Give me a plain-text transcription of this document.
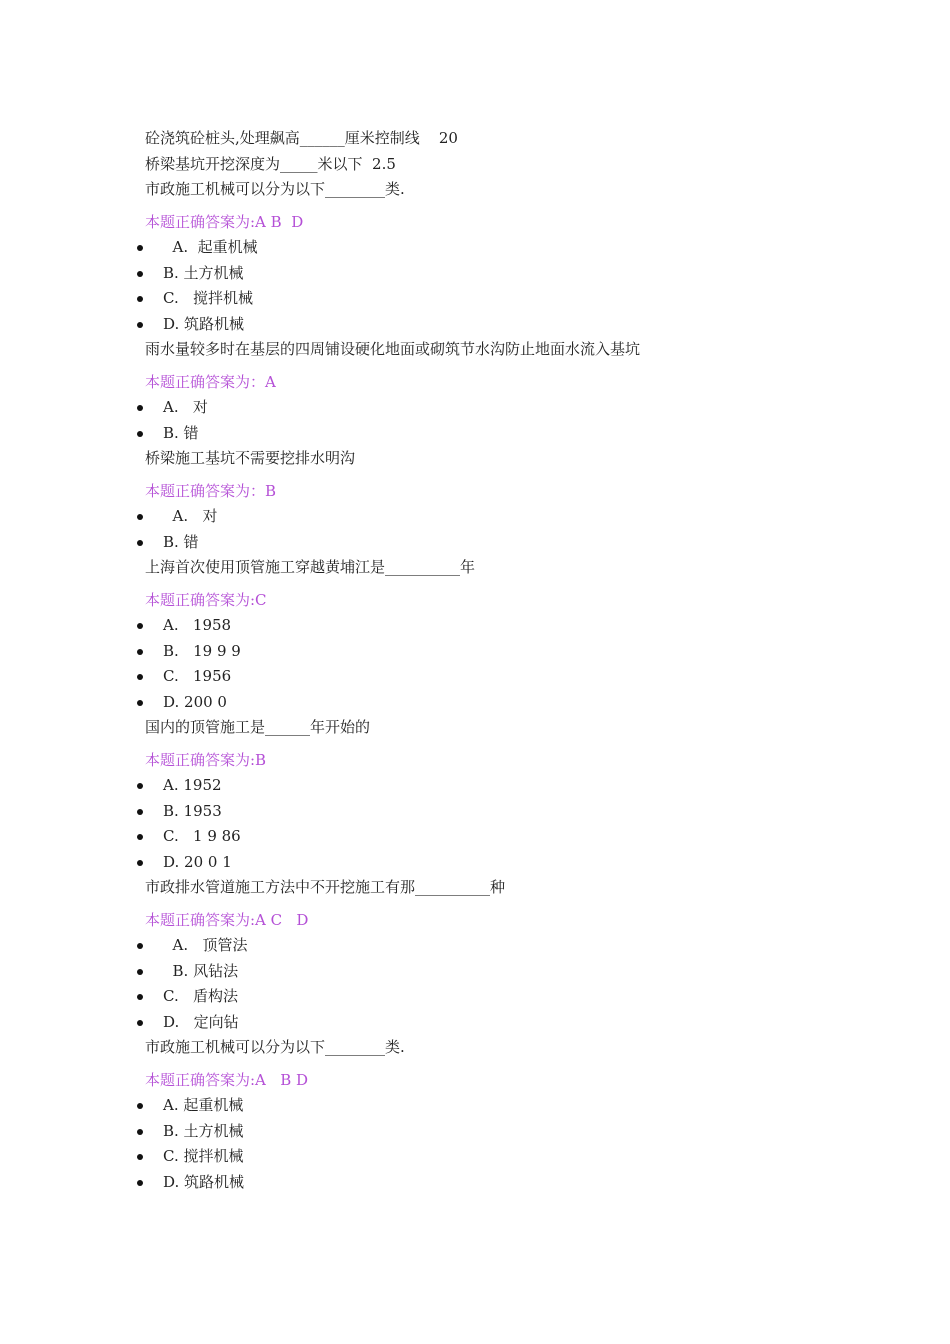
砼浇筑砼桩头,处理飙高______厘米控制线    20
桥梁基坑开挖深度为_____米以下  2.5
市政施工机械可以分为以下________类.
本题正确答案为:A B  D
A.  起重机械
B. 土方机械
C.   搅拌机械
D. 筑路机械
雨水量较多时在基层的四周铺设硬化地面或砌筑节水沟防止地面水流入基坑
本题正确答案为：A
A.   对
B. 错
桥梁施工基坑不需要挖排水明沟
本题正确答案为：B
A.   对
B. 错
上海首次使用顶管施工穿越黄埔江是__________年
本题正确答案为:C
A.   1958
B.   19 9 9
C.   1956
D. 200 0
国内的顶管施工是______年开始的
本题正确答案为:B
A. 1952
B. 1953
C.   1 9 86
D. 20 0 1
市政排水管道施工方法中不开挖施工有那__________种
本题正确答案为:A C   D
A.   顶管法
B. 风钻法
C.   盾构法
D.   定向钻
市政施工机械可以分为以下________类.
本题正确答案为:A   B D
A. 起重机械
B. 土方机械
C. 搅拌机械
D. 筑路机械
